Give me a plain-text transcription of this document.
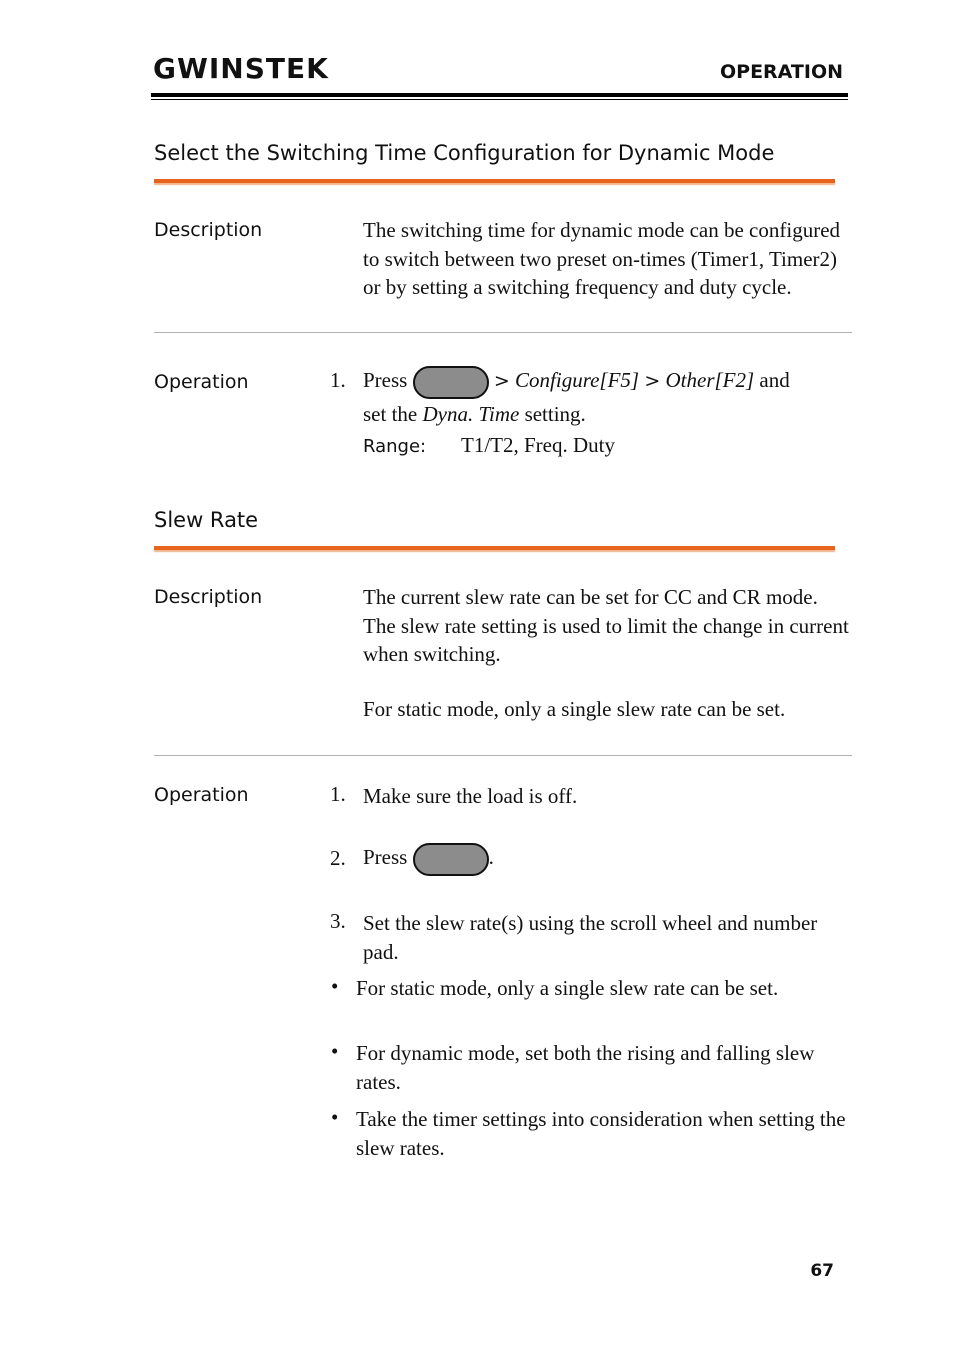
GWINSTEK	OPERATION
Select the Switching Time Configuration for Dynamic Mode
Description	The switching time for dynamic mode can be configured to switch between two preset on-times (Timer1, Timer2) or by setting a switching frequency and duty cycle.
Operation	1. Press	> Configure[F5] > Other[F2] and
set the Dyna. Time setting.
Range: T1/T2, Freq. Duty
Slew Rate
Description	The current slew rate can be set for CC and CR mode. The slew rate setting is used to limit the change in current when switching.
For static mode, only a single slew rate can be set.
Operation	1. Make sure the load is off.
2. Press	.
3. Set the slew rate(s) using the scroll wheel and number pad.
• For static mode, only a single slew rate can be set.
• For dynamic mode, set both the rising and falling slew rates.
• Take the timer settings into consideration when setting the slew rates.
67
